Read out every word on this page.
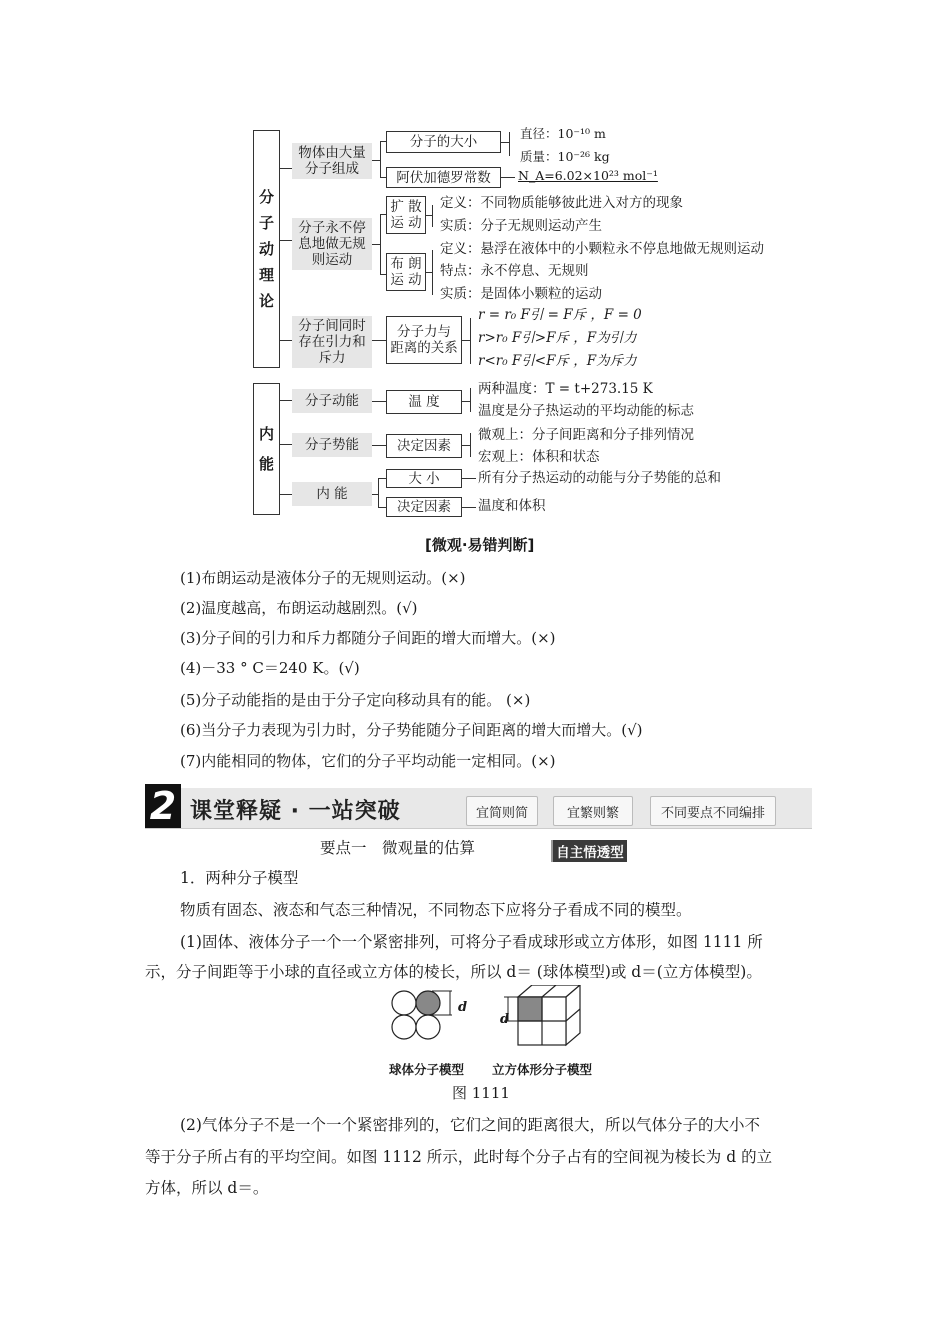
分子动理论
物体由大量
分子组成
分子的大小
阿伏加德罗常数
直径：10⁻¹⁰ m
质量：10⁻²⁶ kg
N_A=6.02×10²³ mol⁻¹
分子永不停
息地做无规
则运动
扩 散
运 动
布 朗
运 动
定义：不同物质能够彼此进入对方的现象
实质：分子无规则运动产生
定义：悬浮在液体中的小颗粒永不停息地做无规则运动
特点：永不停息、无规则
实质：是固体小颗粒的运动
分子间同时
存在引力和
斥力
分子力与
距离的关系
r = r₀ F引 = F斥 ，F = 0
r>r₀ F引>F斥 ，F为引力
r<r₀ F引<F斥 ，F为斥力
内能
分子动能	温 度
两种温度：T = t+273.15 K
温度是分子热运动的平均动能的标志
分子势能	决定因素
微观上：分子间距离和分子排列情况
宏观上：体积和状态
内 能
大 小
决定因素
所有分子热运动的动能与分子势能的总和
温度和体积
[微观·易错判断]
(1)布朗运动是液体分子的无规则运动。(×)
(2)温度越高，布朗运动越剧烈。(√)
(3)分子间的引力和斥力都随分子间距的增大而增大。(×)
(4)－33 ° C＝240 K。(√)
(5)分子动能指的是由于分子定向移动具有的能。 (×)
(6)当分子力表现为引力时，分子势能随分子间距离的增大而增大。(√)
(7)内能相同的物体，它们的分子平均动能一定相同。(×)
2 课堂释疑 · 一站突破	宜简则简	宜繁则繁	不同要点不同编排
要点一　微观量的估算	自主悟透型
1．两种分子模型
物质有固态、液态和气态三种情况，不同物态下应将分子看成不同的模型。
(1)固体、液体分子一个一个紧密排列，可将分子看成球形或立方体形，如图 1111 所
示，分子间距等于小球的直径或立方体的棱长，所以 d＝ (球体模型)或 d＝(立方体模型)。
d
d
球体分子模型 立方体形分子模型
图 1111
(2)气体分子不是一个一个紧密排列的，它们之间的距离很大，所以气体分子的大小不
等于分子所占有的平均空间。如图 1112 所示，此时每个分子占有的空间视为棱长为 d 的立
方体，所以 d＝。
